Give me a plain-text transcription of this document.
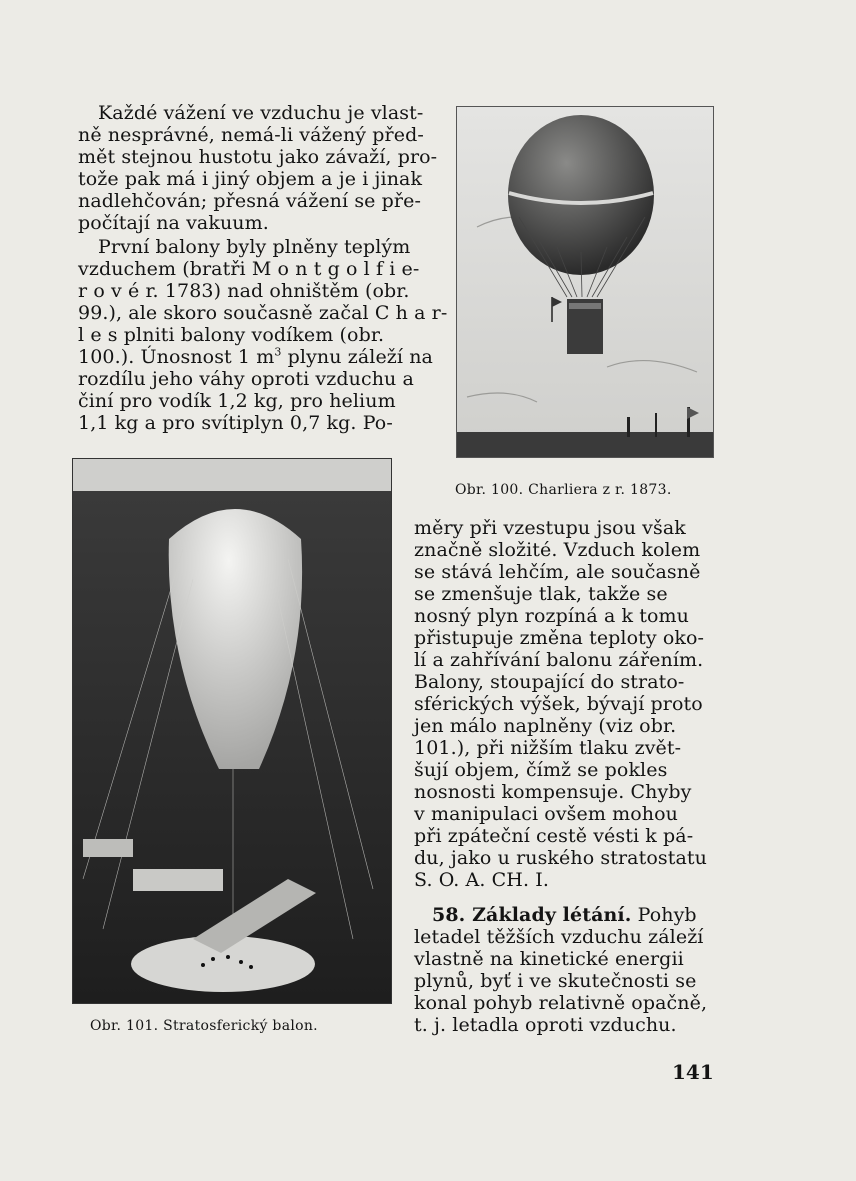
Každé vážení ve vzduchu je vlast-
ně nesprávné, nemá-li vážený před-
mět stejnou hustotu jako závaží, pro-
tože pak má i jiný objem a je i jinak
nadlehčován; přesná vážení se pře-
počítají na vakuum.
První balony byly plněny teplým
vzduchem (bratři M o n t g o l f i e-
r o v é r. 1783) nad ohništěm (obr.
99.), ale skoro současně začal C h a r-
l e s plniti balony vodíkem (obr.
100.). Únosnost 1 $m^3$ plynu záleží na
rozdílu jeho váhy oproti vzduchu a
činí pro vodík 1,2 kg, pro helium
1,1 kg a pro svítiplyn 0,7 kg. Po-
Obr. 100. Charliera z r. 1873.
Obr. 101. Stratosferický balon.
měry při vzestupu jsou však
značně složité. Vzduch kolem
se stává lehčím, ale současně
se zmenšuje tlak, takže se
nosný plyn rozpíná a k tomu
přistupuje změna teploty oko-
lí a zahřívání balonu zářením.
Balony, stoupající do strato-
sférických výšek, bývají proto
jen málo naplněny (viz obr.
101.), při nižším tlaku zvět-
šují objem, čímž se pokles
nosnosti kompensuje. Chyby
v manipulaci ovšem mohou
při zpáteční cestě vésti k pá-
du, jako u ruského stratostatu
S. O. A. CH. I.
58. Základy létání. Pohyb
letadel těžších vzduchu záleží
vlastně na kinetické energii
plynů, byť i ve skutečnosti se
konal pohyb relativně opačně,
t. j. letadla oproti vzduchu.
141
